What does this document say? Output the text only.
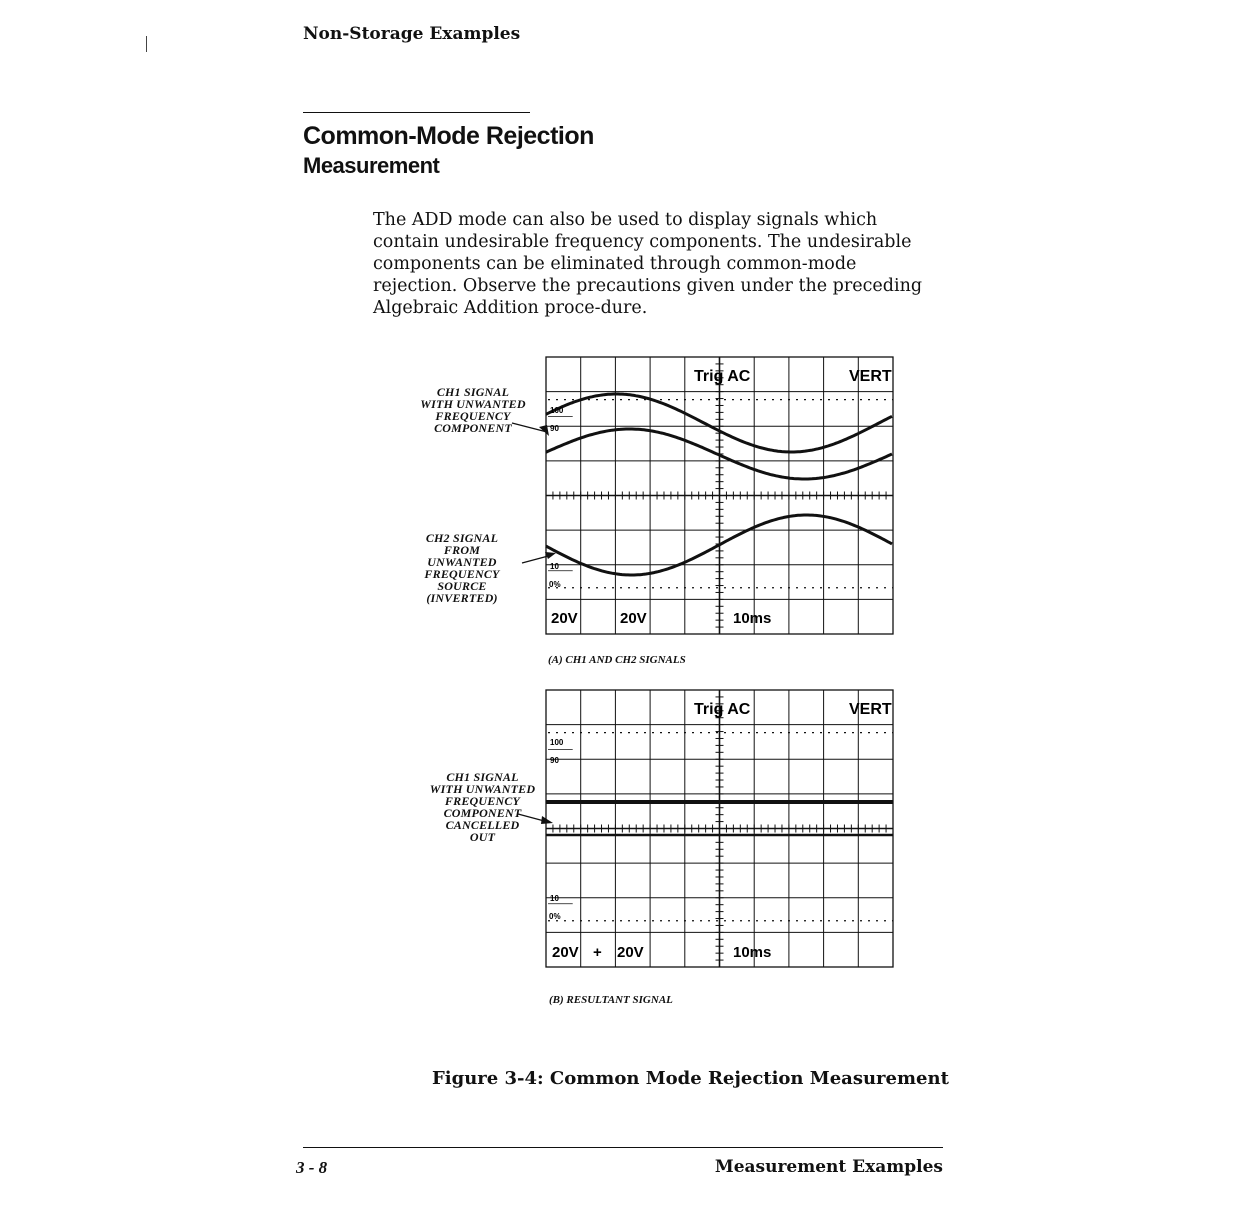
Non-Storage Examples
Common-Mode Rejection
Measurement
The ADD mode can also be used to display signals which contain undesirable frequency components. The undesirable components can be eliminated through common-mode rejection. Observe the precautions given under the preceding Algebraic Addition proce-dure.
CH1 SIGNAL
WITH UNWANTED
FREQUENCY
COMPONENT
CH2 SIGNAL
FROM UNWANTED
FREQUENCY
SOURCE
(INVERTED)
(A) CH1 AND CH2 SIGNALS
CH1 SIGNAL
WITH UNWANTED
FREQUENCY
COMPONENT
CANCELLED
OUT
(B) RESULTANT SIGNAL
Trig AC	VERT
20V	20V	10ms
100
90
10
0%
Trig AC	VERT
20V + 20V	10ms
100
90
10
0%
Figure 3-4: Common Mode Rejection Measurement
3 - 8	Measurement Examples
